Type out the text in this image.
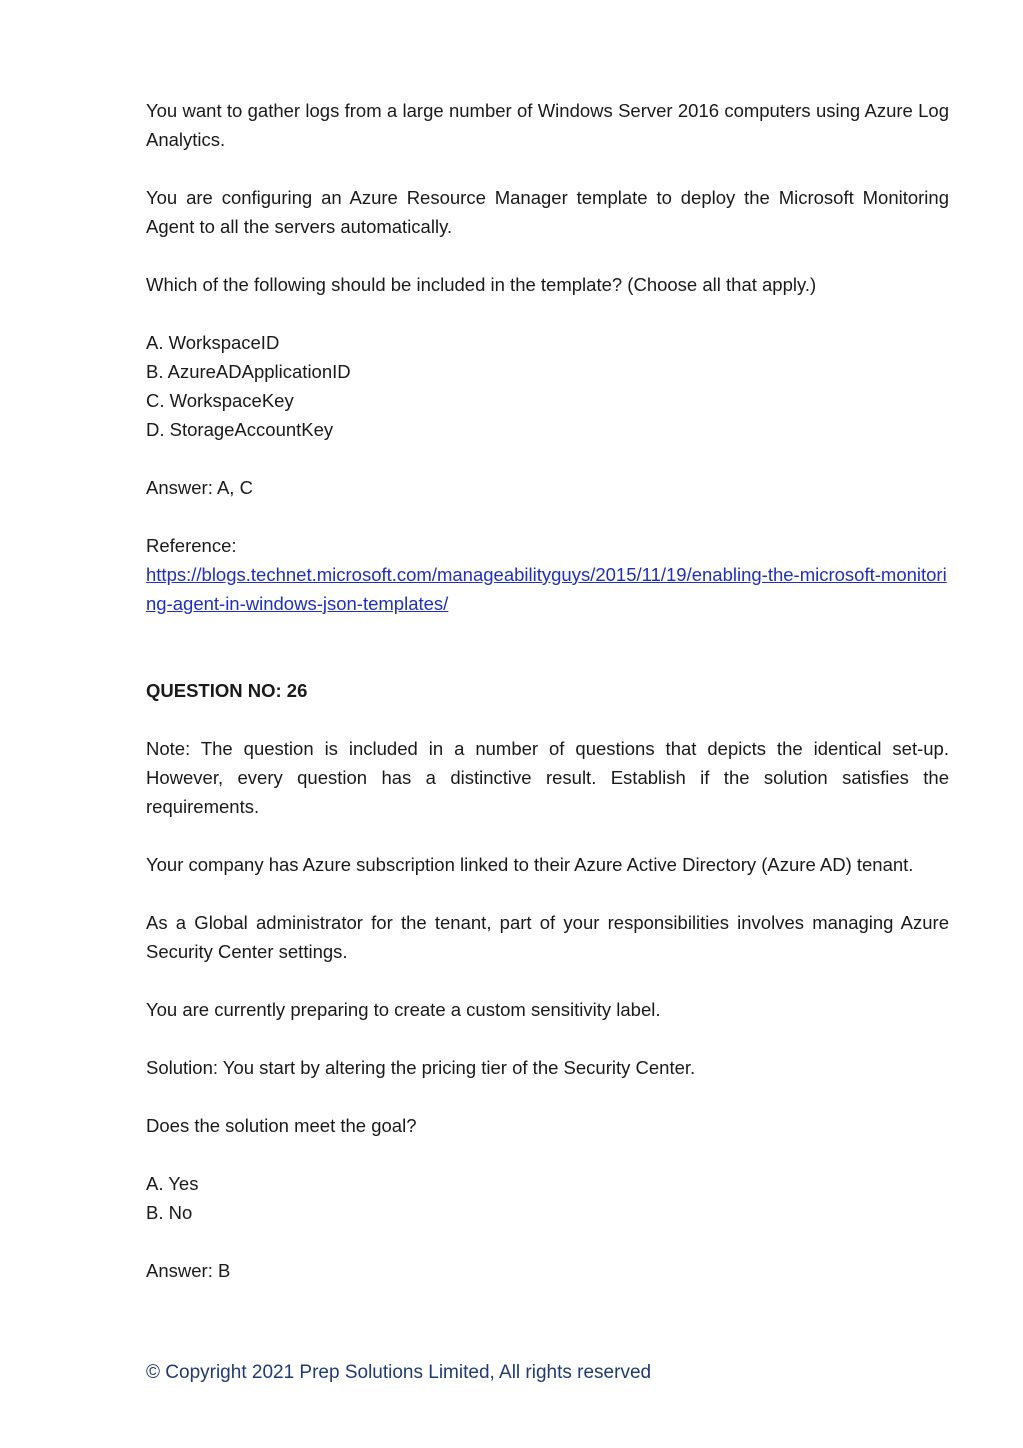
You want to gather logs from a large number of Windows Server 2016 computers using Azure Log Analytics.

You are configuring an Azure Resource Manager template to deploy the Microsoft Monitoring Agent to all the servers automatically.

Which of the following should be included in the template? (Choose all that apply.)

A. WorkspaceID
B. AzureADApplicationID
C. WorkspaceKey
D. StorageAccountKey

Answer: A, C

Reference:
https://blogs.technet.microsoft.com/manageabilityguys/2015/11/19/enabling-the-microsoft-monitoring-agent-in-windows-json-templates/

QUESTION NO: 26

Note: The question is included in a number of questions that depicts the identical set-up. However, every question has a distinctive result. Establish if the solution satisfies the requirements.

Your company has Azure subscription linked to their Azure Active Directory (Azure AD) tenant.

As a Global administrator for the tenant, part of your responsibilities involves managing Azure Security Center settings.

You are currently preparing to create a custom sensitivity label.

Solution: You start by altering the pricing tier of the Security Center.

Does the solution meet the goal?

A. Yes
B. No

Answer: B

© Copyright 2021 Prep Solutions Limited, All rights reserved
